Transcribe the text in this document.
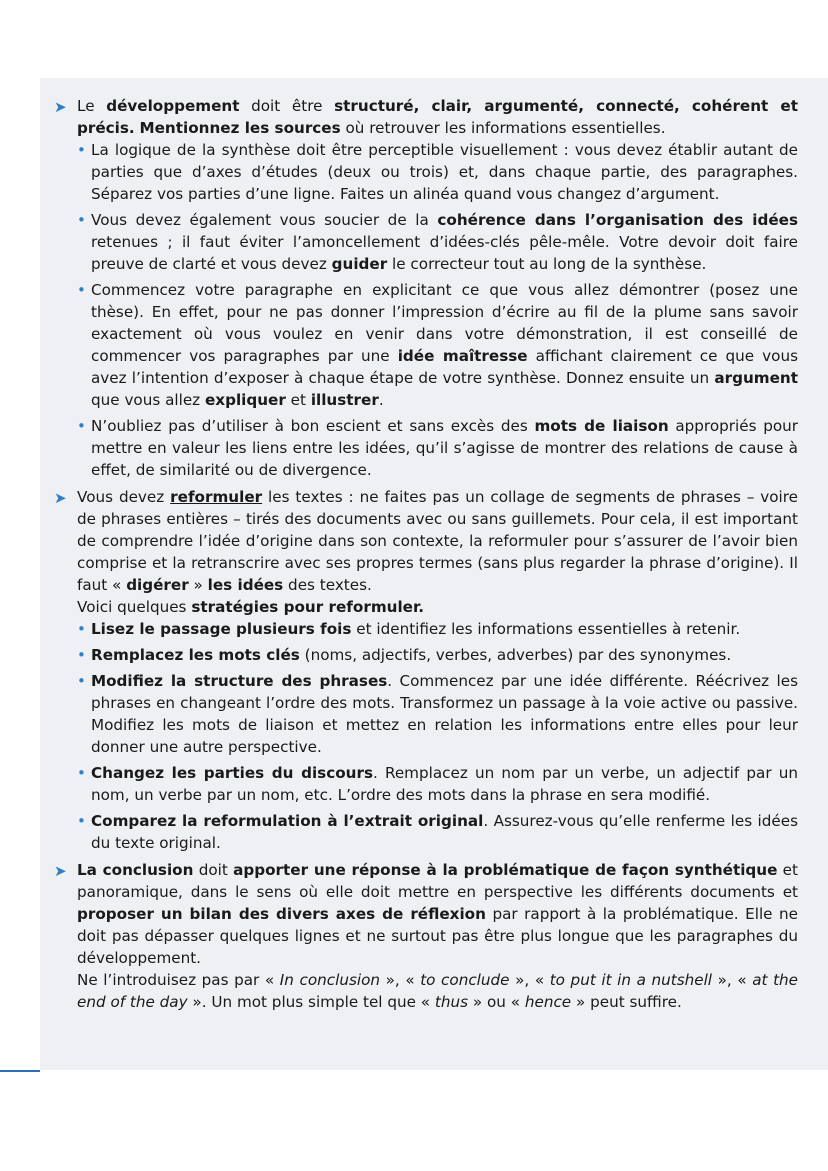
➤ Le développement doit être structuré, clair, argumenté, connecté, cohérent et précis. Mentionnez les sources où retrouver les informations essentielles.

• La logique de la synthèse doit être perceptible visuellement : vous devez établir autant de parties que d’axes d’études (deux ou trois) et, dans chaque partie, des paragraphes. Séparez vos parties d’une ligne. Faites un alinéa quand vous changez d’argument.

• Vous devez également vous soucier de la cohérence dans l’organisation des idées retenues ; il faut éviter l’amoncellement d’idées-clés pêle-mêle. Votre devoir doit faire preuve de clarté et vous devez guider le correcteur tout au long de la synthèse.

• Commencez votre paragraphe en explicitant ce que vous allez démontrer (posez une thèse). En effet, pour ne pas donner l’impression d’écrire au fil de la plume sans savoir exactement où vous voulez en venir dans votre démonstration, il est conseillé de commencer vos paragraphes par une idée maîtresse affichant clairement ce que vous avez l’intention d’exposer à chaque étape de votre synthèse. Donnez ensuite un argument que vous allez expliquer et illustrer.

• N’oubliez pas d’utiliser à bon escient et sans excès des mots de liaison appropriés pour mettre en valeur les liens entre les idées, qu’il s’agisse de montrer des relations de cause à effet, de similarité ou de divergence.

➤ Vous devez reformuler les textes : ne faites pas un collage de segments de phrases – voire de phrases entières – tirés des documents avec ou sans guillemets. Pour cela, il est important de comprendre l’idée d’origine dans son contexte, la reformuler pour s’assurer de l’avoir bien comprise et la retranscrire avec ses propres termes (sans plus regarder la phrase d’origine). Il faut « digérer » les idées des textes.

Voici quelques stratégies pour reformuler.

• Lisez le passage plusieurs fois et identifiez les informations essentielles à retenir.

• Remplacez les mots clés (noms, adjectifs, verbes, adverbes) par des synonymes.

• Modifiez la structure des phrases. Commencez par une idée différente. Réécrivez les phrases en changeant l’ordre des mots. Transformez un passage à la voie active ou passive. Modifiez les mots de liaison et mettez en relation les informations entre elles pour leur donner une autre perspective.

• Changez les parties du discours. Remplacez un nom par un verbe, un adjectif par un nom, un verbe par un nom, etc. L’ordre des mots dans la phrase en sera modifié.

• Comparez la reformulation à l’extrait original. Assurez-vous qu’elle renferme les idées du texte original.

➤ La conclusion doit apporter une réponse à la problématique de façon synthétique et panoramique, dans le sens où elle doit mettre en perspective les différents documents et proposer un bilan des divers axes de réflexion par rapport à la problématique. Elle ne doit pas dépasser quelques lignes et ne surtout pas être plus longue que les paragraphes du développement.

Ne l’introduisez pas par « In conclusion », « to conclude », « to put it in a nutshell », « at the end of the day ». Un mot plus simple tel que « thus » ou « hence » peut suffire.
